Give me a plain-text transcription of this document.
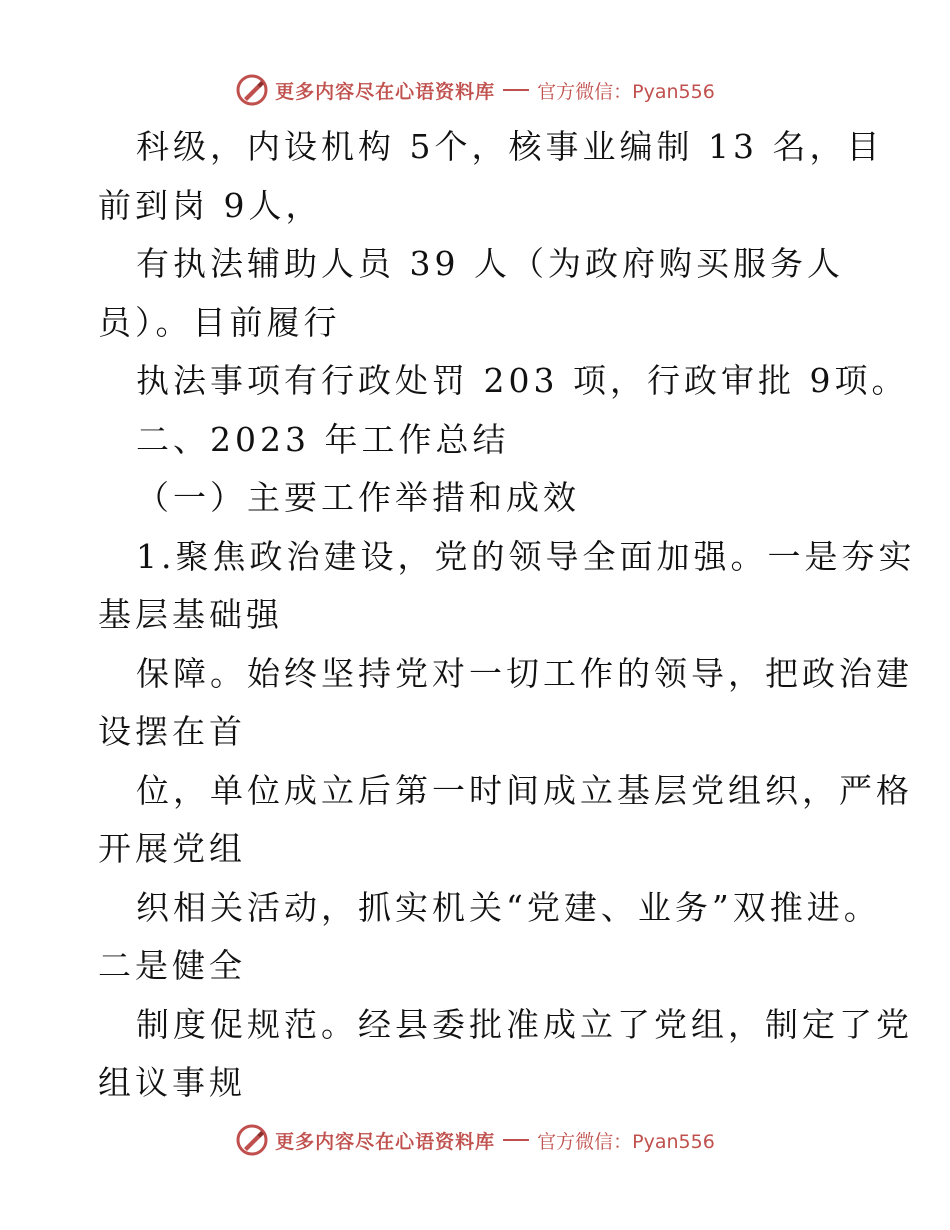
更多内容尽在心语资料库 官方微信：Pyan556
科级，内设机构 5个，核事业编制 13 名，目
前到岗 9人，
有执法辅助人员 39 人（为政府购买服务人
员）。目前履行
执法事项有行政处罚 203 项，行政审批 9项。
二、2023 年工作总结
（一）主要工作举措和成效
1.聚焦政治建设，党的领导全面加强。一是夯实
基层基础强
保障。始终坚持党对一切工作的领导，把政治建
设摆在首
位，单位成立后第一时间成立基层党组织，严格
开展党组
织相关活动，抓实机关“党建、业务”双推进。
二是健全
制度促规范。经县委批准成立了党组，制定了党
组议事规
更多内容尽在心语资料库 官方微信：Pyan556
